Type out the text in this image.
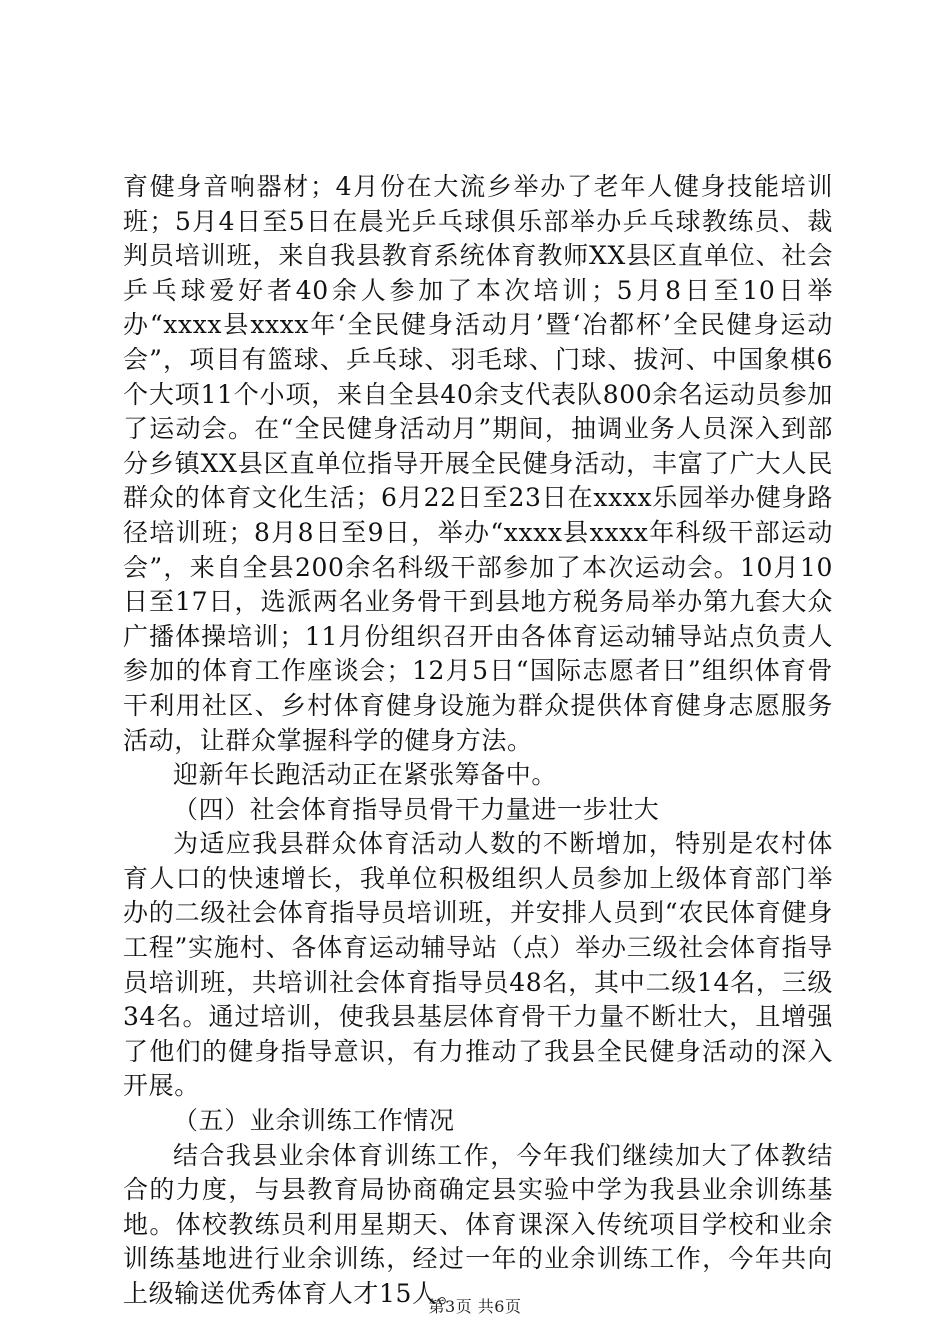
育健身音响器材；4月份在大流乡举办了老年人健身技能培训班；5月4日至5日在晨光乒乓球俱乐部举办乒乓球教练员、裁判员培训班，来自我县教育系统体育教师XX县区直单位、社会乒乓球爱好者40余人参加了本次培训；5月8日至10日举办“xxxx县xxxx年‘全民健身活动月’暨‘冶都杯’全民健身运动会”，项目有篮球、乒乓球、羽毛球、门球、拔河、中国象棋6个大项11个小项，来自全县40余支代表队800余名运动员参加了运动会。在“全民健身活动月”期间，抽调业务人员深入到部分乡镇XX县区直单位指导开展全民健身活动，丰富了广大人民群众的体育文化生活；6月22日至23日在xxxx乐园举办健身路径培训班；8月8日至9日，举办“xxxx县xxxx年科级干部运动会”，来自全县200余名科级干部参加了本次运动会。10月10日至17日，选派两名业务骨干到县地方税务局举办第九套大众广播体操培训；11月份组织召开由各体育运动辅导站点负责人参加的体育工作座谈会；12月5日“国际志愿者日”组织体育骨干利用社区、乡村体育健身设施为群众提供体育健身志愿服务活动，让群众掌握科学的健身方法。

迎新年长跑活动正在紧张筹备中。

（四）社会体育指导员骨干力量进一步壮大

为适应我县群众体育活动人数的不断增加，特别是农村体育人口的快速增长，我单位积极组织人员参加上级体育部门举办的二级社会体育指导员培训班，并安排人员到“农民体育健身工程”实施村、各体育运动辅导站（点）举办三级社会体育指导员培训班，共培训社会体育指导员48名，其中二级14名，三级34名。通过培训，使我县基层体育骨干力量不断壮大，且增强了他们的健身指导意识，有力推动了我县全民健身活动的深入开展。

（五）业余训练工作情况

结合我县业余体育训练工作，今年我们继续加大了体教结合的力度，与县教育局协商确定县实验中学为我县业余训练基地。体校教练员利用星期天、体育课深入传统项目学校和业余训练基地进行业余训练，经过一年的业余训练工作，今年共向上级输送优秀体育人才15人。

第3页 共6页
